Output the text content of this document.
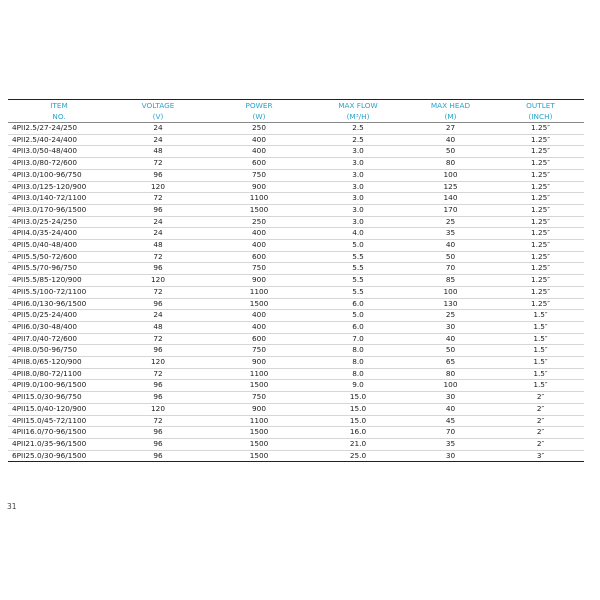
ITEM	VOLTAGE	POWER	MAX FLOW	MAX HEAD	OUTLET
NO.	(V)	(W)	(M³/H)	(M)	(INCH)
4PII2.5/27-24/250	24	250	2.5	27	1.25″
4PII2.5/40-24/400	24	400	2.5	40	1.25″
4PII3.0/50-48/400	48	400	3.0	50	1.25″
4PII3.0/80-72/600	72	600	3.0	80	1.25″
4PII3.0/100-96/750	96	750	3.0	100	1.25″
4PII3.0/125-120/900	120	900	3.0	125	1.25″
4PII3.0/140-72/1100	72	1100	3.0	140	1.25″
4PII3.0/170-96/1500	96	1500	3.0	170	1.25″
4PII3.0/25-24/250	24	250	3.0	25	1.25″
4PII4.0/35-24/400	24	400	4.0	35	1.25″
4PII5.0/40-48/400	48	400	5.0	40	1.25″
4PII5.5/50-72/600	72	600	5.5	50	1.25″
4PII5.5/70-96/750	96	750	5.5	70	1.25″
4PII5.5/85-120/900	120	900	5.5	85	1.25″
4PII5.5/100-72/1100	72	1100	5.5	100	1.25″
4PII6.0/130-96/1500	96	1500	6.0	130	1.25″
4PII5.0/25-24/400	24	400	5.0	25	1.5″
4PII6.0/30-48/400	48	400	6.0	30	1.5″
4PII7.0/40-72/600	72	600	7.0	40	1.5″
4PII8.0/50-96/750	96	750	8.0	50	1.5″
4PII8.0/65-120/900	120	900	8.0	65	1.5″
4PII8.0/80-72/1100	72	1100	8.0	80	1.5″
4PII9.0/100-96/1500	96	1500	9.0	100	1.5″
4PII15.0/30-96/750	96	750	15.0	30	2″
4PII15.0/40-120/900	120	900	15.0	40	2″
4PII15.0/45-72/1100	72	1100	15.0	45	2″
4PII16.0/70-96/1500	96	1500	16.0	70	2″
4PII21.0/35-96/1500	96	1500	21.0	35	2″
6PII25.0/30-96/1500	96	1500	25.0	30	3″
31
